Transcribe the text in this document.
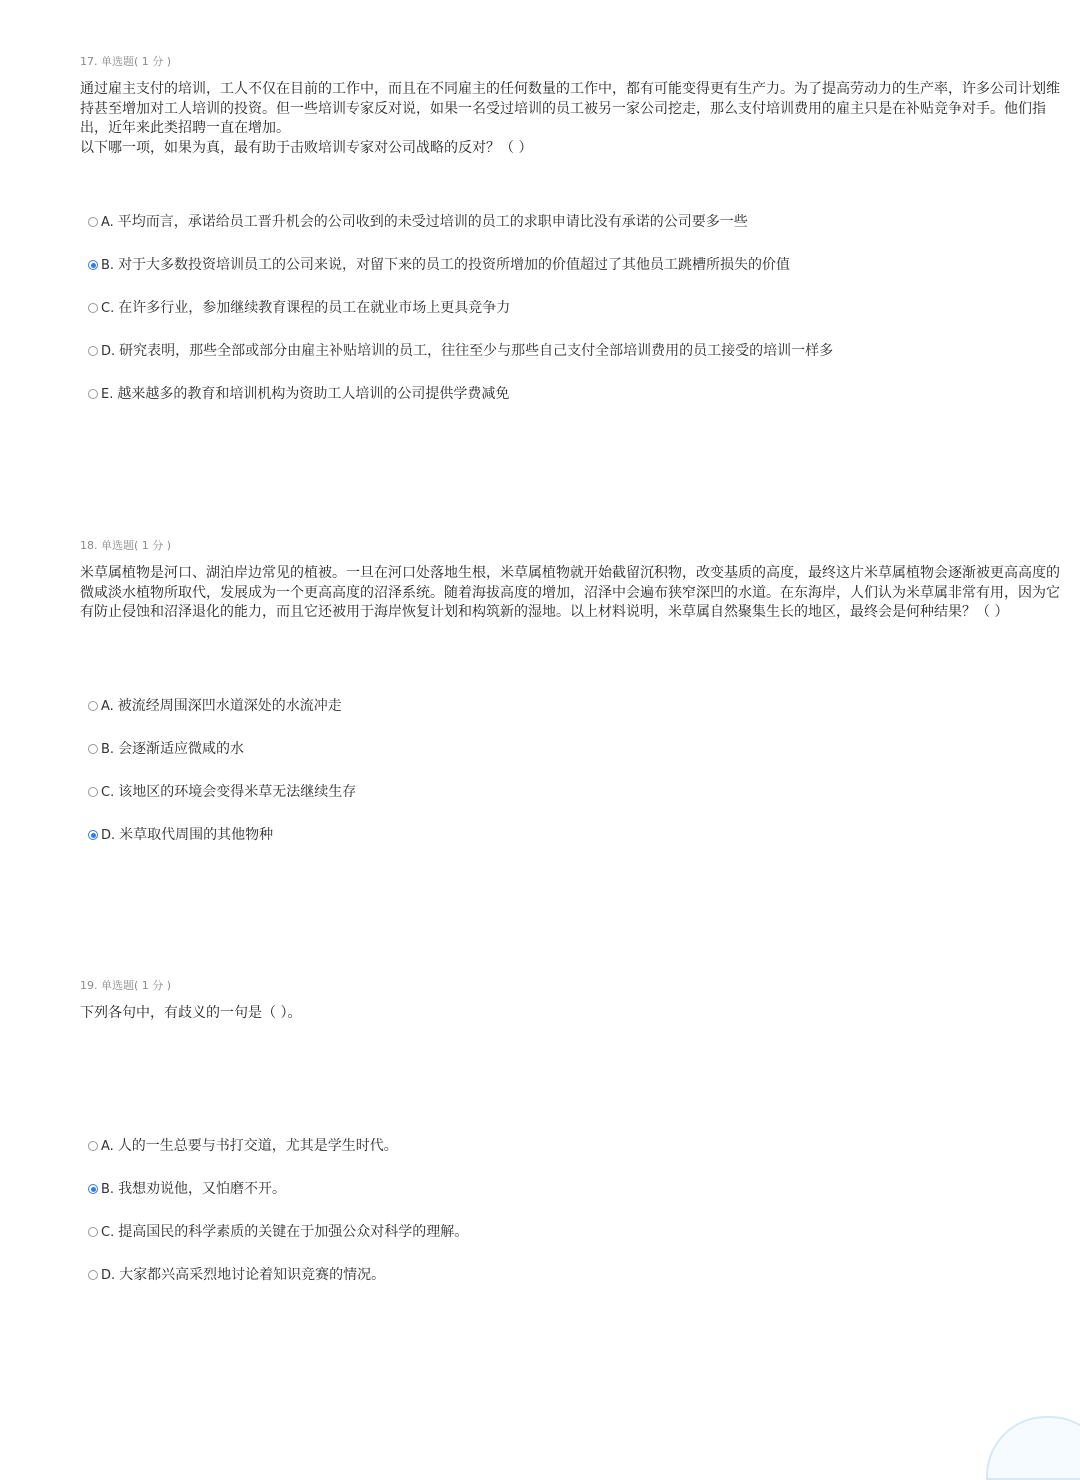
17. 单选题( 1 分 )
通过雇主支付的培训，工人不仅在目前的工作中，而且在不同雇主的任何数量的工作中，都有可能变得更有生产力。为了提高劳动力的生产率，许多公司计划维持甚至增加对工人培训的投资。但一些培训专家反对说，如果一名受过培训的员工被另一家公司挖走，那么支付培训费用的雇主只是在补贴竞争对手。他们指出，近年来此类招聘一直在增加。
以下哪一项，如果为真，最有助于击败培训专家对公司战略的反对？（ ）
A. 平均而言，承诺给员工晋升机会的公司收到的未受过培训的员工的求职申请比没有承诺的公司要多一些
B. 对于大多数投资培训员工的公司来说，对留下来的员工的投资所增加的价值超过了其他员工跳槽所损失的价值
C. 在许多行业，参加继续教育课程的员工在就业市场上更具竞争力
D. 研究表明，那些全部或部分由雇主补贴培训的员工，往往至少与那些自己支付全部培训费用的员工接受的培训一样多
E. 越来越多的教育和培训机构为资助工人培训的公司提供学费减免
18. 单选题( 1 分 )
米草属植物是河口、湖泊岸边常见的植被。一旦在河口处落地生根，米草属植物就开始截留沉积物，改变基质的高度，最终这片米草属植物会逐渐被更高高度的微咸淡水植物所取代，发展成为一个更高高度的沼泽系统。随着海拔高度的增加，沼泽中会遍布狭窄深凹的水道。在东海岸，人们认为米草属非常有用，因为它有防止侵蚀和沼泽退化的能力，而且它还被用于海岸恢复计划和构筑新的湿地。以上材料说明，米草属自然聚集生长的地区，最终会是何种结果？（ ）
A. 被流经周围深凹水道深处的水流冲走
B. 会逐渐适应微咸的水
C. 该地区的环境会变得米草无法继续生存
D. 米草取代周围的其他物种
19. 单选题( 1 分 )
下列各句中，有歧义的一句是（ ）。
A. 人的一生总要与书打交道，尤其是学生时代。
B. 我想劝说他，又怕磨不开。
C. 提高国民的科学素质的关键在于加强公众对科学的理解。
D. 大家都兴高采烈地讨论着知识竞赛的情况。
